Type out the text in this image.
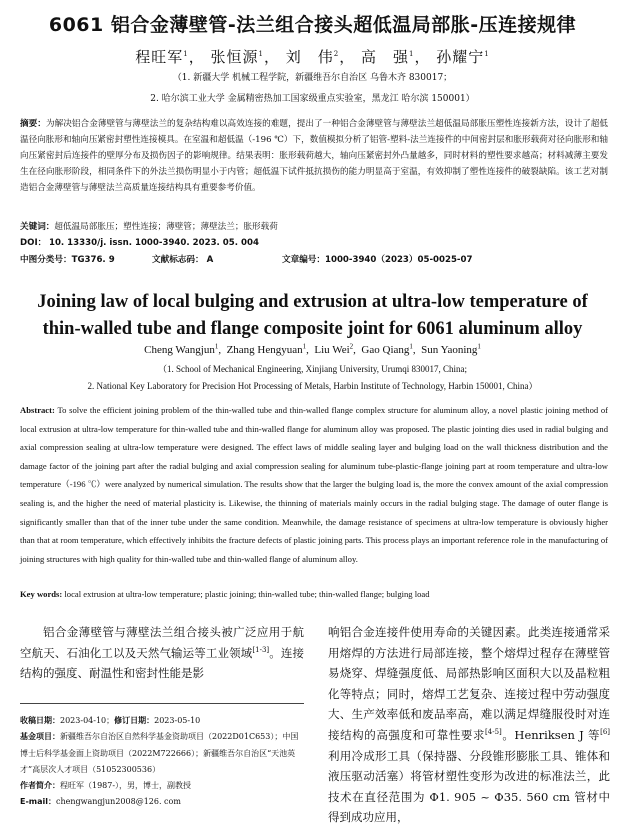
6061 铝合金薄壁管-法兰组合接头超低温局部胀-压连接规律
程旺军$^1$， 张恒源$^1$， 刘　伟$^2$， 高　强$^1$， 孙耀宁$^1$
（1. 新疆大学 机械工程学院，新疆维吾尔自治区 乌鲁木齐 830017；
2. 哈尔滨工业大学 金属精密热加工国家级重点实验室，黑龙江 哈尔滨 150001）
摘要：为解决铝合金薄壁管与薄壁法兰的复杂结构难以高效连接的难题，提出了一种铝合金薄壁管与薄壁法兰超低温局部胀压塑性连接新方法，设计了超低温径向胀形和轴向压紧密封塑性连接模具。在室温和超低温（-196 ℃）下，数值模拟分析了铝管-塑料-法兰连接件的中间密封层和胀形载荷对径向胀形和轴向压紧密封后连接件的壁厚分布及损伤因子的影响规律。结果表明：胀形载荷越大，轴向压紧密封外凸量越多，同时材料的塑性要求越高；材料减薄主要发生在径向胀形阶段，相同条件下的外法兰损伤明显小于内管；超低温下试件抵抗损伤的能力明显高于室温，有效抑制了塑性连接件的破裂缺陷。该工艺对制造铝合金薄壁管与薄壁法兰高质量连接结构具有重要参考价值。
关键词：超低温局部胀压；塑性连接；薄壁管；薄壁法兰；胀形载荷
DOI： 10. 13330/j. issn. 1000-3940. 2023. 05. 004
中图分类号：TG376. 9	文献标志码： A	文章编号：1000-3940（2023）05-0025-07
Joining law of local bulging and extrusion at ultra-low temperature of thin-walled tube and flange composite joint for 6061 aluminum alloy
Cheng Wangjun$^1$,  Zhang Hengyuan$^1$,  Liu Wei$^2$,  Gao Qiang$^1$,  Sun Yaoning$^1$
（1. School of Mechanical Engineering, Xinjiang University, Urumqi 830017, China;
2. National Key Laboratory for Precision Hot Processing of Metals, Harbin Institute of Technology, Harbin 150001, China）
Abstract: To solve the efficient joining problem of the thin-walled tube and thin-walled flange complex structure for aluminum alloy, a novel plastic joining method of local extrusion at ultra-low temperature for thin-walled tube and thin-walled flange for aluminum alloy was proposed. The plastic jointing dies used in radial bulging and axial compression sealing at ultra-low temperature were designed. The effect laws of middle sealing layer and bulging load on the wall thickness distribution and the damage factor of the joining part after the radial bulging and axial compression sealing for aluminum tube-plastic-flange joining part at room temperature and ultra-low temperature（-196 ℃）were analyzed by numerical simulation. The results show that the larger the bulging load is, the more the convex amount of the axial compression sealing is, and the higher the need of material plasticity is. Likewise, the thinning of materials mainly occurs in the radial bulging stage. The damage of outer flange is significantly smaller than that of the inner tube under the same condition. Meanwhile, the damage resistance of specimens at ultra-low temperature is obviously higher than that at room temperature, which effectively inhibits the fracture defects of plastic joining parts. This process plays an important reference role in the manufacturing of joining structures with high quality for thin-walled tube and thin-walled flange of aluminum alloy.
Key words: local extrusion at ultra-low temperature; plastic joining; thin-walled tube; thin-walled flange; bulging load
铝合金薄壁管与薄壁法兰组合接头被广泛应用于航空航天、石油化工以及天然气输运等工业领域[1-3]。连接结构的强度、耐温性和密封性能是影
收稿日期：2023-04-10；修订日期：2023-05-10
基金项目：新疆维吾尔自治区自然科学基金资助项目（2022D01C653）；中国博士后科学基金面上资助项目（2022M722666）；新疆维吾尔自治区“天池英才”高层次人才项目（51052300536）
作者简介：程旺军（1987-），男，博士，副教授
E-mail：chengwangjun2008@126. com
响铝合金连接件使用寿命的关键因素。此类连接通常采用熔焊的方法进行局部连接，整个熔焊过程存在薄壁管易烧穿、焊缝强度低、局部热影响区面积大以及晶粒粗化等特点；同时，熔焊工艺复杂、连接过程中劳动强度大、生产效率低和废品率高，难以满足焊缝服役时对连接结构的高强度和可靠性要求[4-5]。Henriksen J 等[6]利用冷成形工具（保持器、分段锥形膨胀工具、锥体和液压驱动活塞）将管材塑性变形为改进的标准法兰，此技术在直径范围为 Φ1. 905 ~ Φ35. 560 cm 管材中得到成功应用，
